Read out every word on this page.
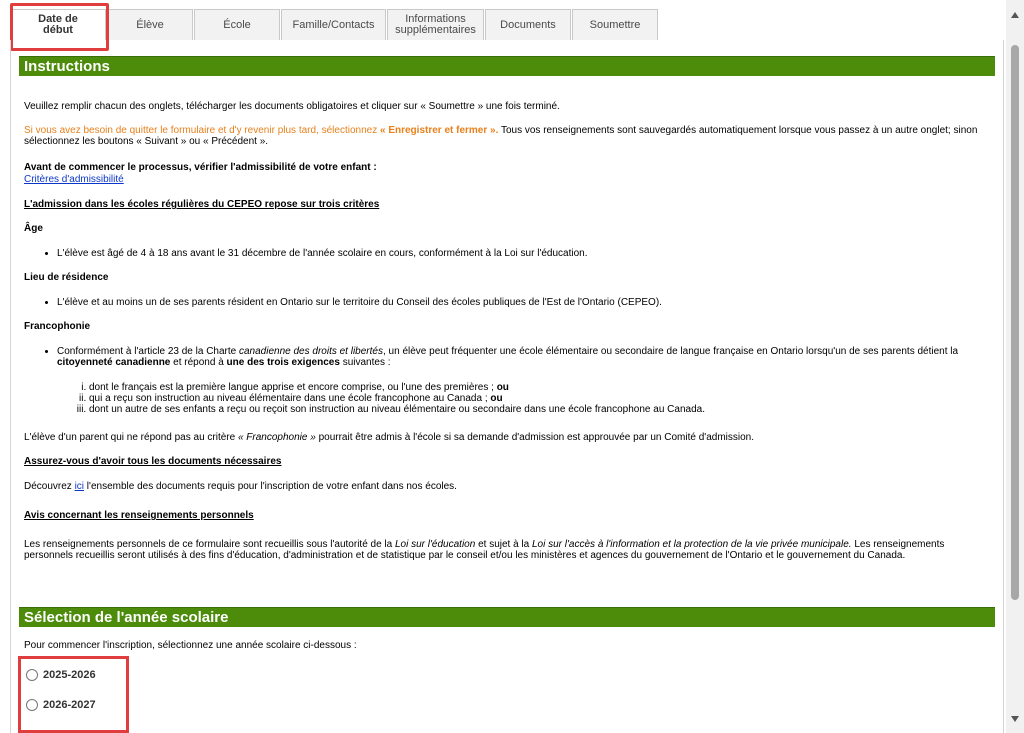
Date de début	Élève	École	Famille/Contacts	Informations supplémentaires Documents	Soumettre
Instructions

Veuillez remplir chacun des onglets, télécharger les documents obligatoires et cliquer sur « Soumettre » une fois terminé.

Si vous avez besoin de quitter le formulaire et d'y revenir plus tard, sélectionnez « Enregistrer et fermer ». Tous vos renseignements sont sauvegardés automatiquement lorsque vous passez à un autre onglet; sinon sélectionnez les boutons « Suivant » ou « Précédent ».

Avant de commencer le processus, vérifier l'admissibilité de votre enfant :

Critères d'admissibilité

L'admission dans les écoles régulières du CEPEO repose sur trois critères

Âge

• L'élève est âgé de 4 à 18 ans avant le 31 décembre de l'année scolaire en cours, conformément à la Loi sur l'éducation.

Lieu de résidence

• L'élève et au moins un de ses parents résident en Ontario sur le territoire du Conseil des écoles publiques de l'Est de l'Ontario (CEPEO).

Francophonie

• Conformément à l'article 23 de la Charte canadienne des droits et libertés, un élève peut fréquenter une école élémentaire ou secondaire de langue française en Ontario lorsqu'un de ses parents détient la citoyenneté canadienne et répond à une des trois exigences suivantes :
i. dont le français est la première langue apprise et encore comprise, ou l'une des premières ; ou
ii. qui a reçu son instruction au niveau élémentaire dans une école francophone au Canada ; ou
iii. dont un autre de ses enfants a reçu ou reçoit son instruction au niveau élémentaire ou secondaire dans une école francophone au Canada.

L'élève d'un parent qui ne répond pas au critère « Francophonie » pourrait être admis à l'école si sa demande d'admission est approuvée par un Comité d'admission.

Assurez-vous d'avoir tous les documents nécessaires

Découvrez ici l'ensemble des documents requis pour l'inscription de votre enfant dans nos écoles.

Avis concernant les renseignements personnels

Les renseignements personnels de ce formulaire sont recueillis sous l'autorité de la Loi sur l'éducation et sujet à la Loi sur l'accès à l'information et la protection de la vie privée municipale. Les renseignements personnels recueillis seront utilisés à des fins d'éducation, d'administration et de statistique par le conseil et/ou les ministères et agences du gouvernement de l'Ontario et le gouvernement du Canada.

Sélection de l'année scolaire

Pour commencer l'inscription, sélectionnez une année scolaire ci-dessous :

2025-2026
2026-2027
